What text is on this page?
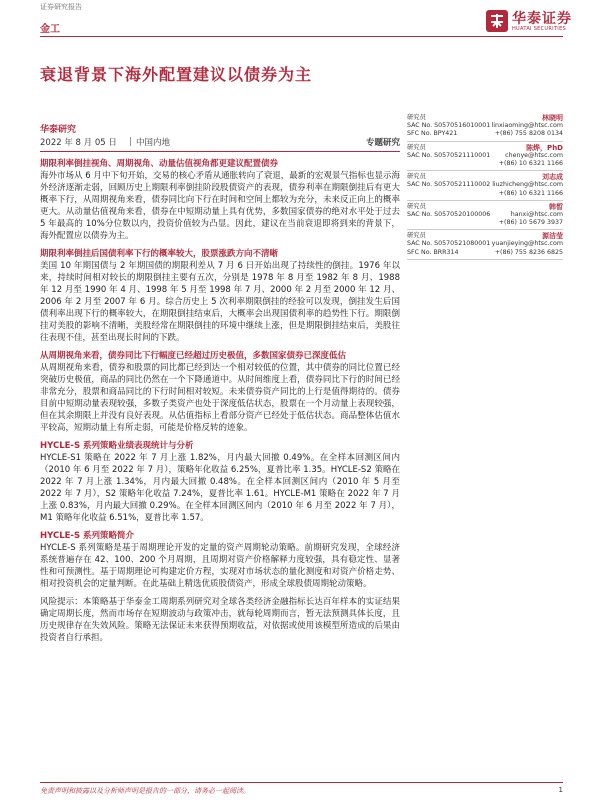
证券研究报告
金工
华泰证券
HUATAI SECURITIES
衰退背景下海外配置建议以债券为主
华泰研究
2022 年 8 月 05 日 中国内地	专题研究
期限利率倒挂视角、周期视角、动量估值视角都更建议配置债券

海外市场从 6 月中下旬开始，交易的核心矛盾从通胀转向了衰退，最新的宏观景气指标也显示海外经济逐渐走弱，回顾历史上期限利率倒挂阶段股债资产的表现，债券利率在期限倒挂后有更大概率下行，从周期视角来看，债券同比向下行在时间和空间上都较为充分，未来反正向上的概率更大。从动量估值视角来看，债券在中短期动量上具有优势，多数国家债券的绝对水平处于过去 5 年最高的 10%分位数以内，投资价值较为凸显。因此，建议在当前衰退即将到来的背景下，海外配置应以债券为主。

期限利率倒挂后国债利率下行的概率较大，股票涨跌方向不清晰

美国 10 年期国债与 2 年期国债的期限利差从 7 月 6 日开始出现了持续性的倒挂。1976 年以来，持续时间相对较长的期限倒挂主要有五次，分别是 1978 年 8 月至 1982 年 8 月、1988 年 12 月至 1990 年 4 月、1998 年 5 月至 1998 年 7 月、2000 年 2 月至 2000 年 12 月、2006 年 2 月至 2007 年 6 月。综合历史上 5 次利率期限倒挂的经验可以发现，倒挂发生后国债利率出现下行的概率较大，在期限倒挂结束后，大概率会出现国债利率的趋势性下行。期限倒挂对美股的影响不清晰，美股经常在期限倒挂的环境中继续上涨，但是期限倒挂结束后，美股往往表现不佳，甚至出现长时间的下跌。

从周期视角来看，债券同比下行幅度已经超过历史极值，多数国家债券已深度低估

从周期视角来看，债券和股票的同比都已经到达一个相对较低的位置，其中债券的同比位置已经突破历史极值，商品的同比仍然在一个下降通道中。从时间维度上看，债券同比下行的时间已经非常充分，股票和商品同比的下行时间相对较短。未来债券资产同比的上行是值得期待的。债券目前中短期动量表现较强，多数子类资产也处于深度低估状态，股票在一个月动量上表现较强，但在其余期限上并没有良好表现。从估值指标上看部分资产已经处于低估状态。商品整体估值水平较高，短期动量上有所走弱，可能是价格反转的迹象。

HYCLE-S 系列策略业绩表现统计与分析

HYCLE-S1 策略在 2022 年 7 月上涨 1.82%，月内最大回撤 0.49%。在全样本回测区间内（2010 年 6 月至 2022 年 7 月），策略年化收益 6.25%，夏普比率 1.35。HYCLE-S2 策略在 2022 年 7 月上涨 1.34%，月内最大回撤 0.48%。在全样本回测区间内（2010 年 5 月至 2022 年 7 月），S2 策略年化收益 7.24%，夏普比率 1.61。HYCLE-M1 策略在 2022 年 7 月上涨 0.83%，月内最大回撤 0.29%。在全样本回测区间内（2010 年 6 月至 2022 年 7 月），M1 策略年化收益 6.51%，夏普比率 1.57。

HYCLE-S 系列策略简介

HYCLE-S 系列策略是基于周期理论开发的定量的资产周期轮动策略。前期研究发现，全球经济系统普遍存在 42、100、200 个月周期，且周期对资产价格解释力度较强，具有稳定性、显著性和可预测性。基于周期理论可构建定价方程，实现对市场状态的量化测度和对资产价格走势、相对投资机会的定量判断。在此基础上精选优质股债资产，形成全球股债周期轮动策略。

风险提示：本策略基于华泰金工周期系列研究对全球各类经济金融指标长达百年样本的实证结果确定周期长度，然而市场存在短期波动与政策冲击，就每轮周期而言，暂无法预测具体长度，且历史规律存在失效风险。策略无法保证未来获得预期收益，对依据或使用该模型所造成的后果由投资者自行承担。

研究员	林晓明
SAC No. S0570516010001 linxiaoming@htsc.com
SFC No. BPY421	+(86) 755 8208 0134
研究员	陈烨，PhD
SAC No. S0570521110001 chenye@htsc.com
+(86) 10 6321 1166
研究员	刘志成
SAC No. S0570521110002 liuzhicheng@htsc.com
+(86) 10 6321 1166
研究员	韩晳
SAC No. S0570520100006	hanxi@htsc.com
+(86) 10 5679 3937
研究员	源洁莹
SAC No. S0570521080001 yuanjieying@htsc.com
SFC No. BRR314	+(86) 755 8236 6825
免责声明和披露以及分析师声明是报告的一部分，请务必一起阅读。	1
